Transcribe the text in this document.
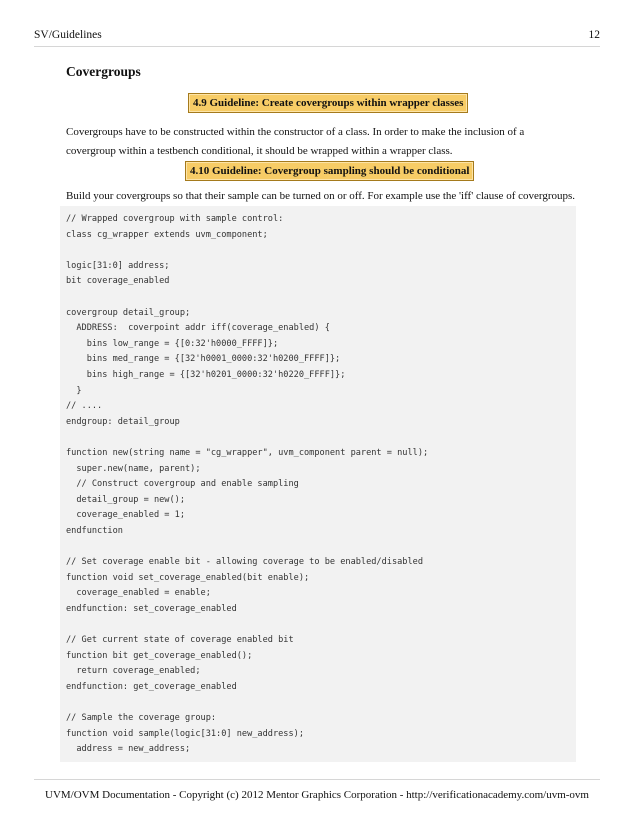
SV/Guidelines	12
Covergroups
4.9 Guideline: Create covergroups within wrapper classes
Covergroups have to be constructed within the constructor of a class. In order to make the inclusion of a covergroup within a testbench conditional, it should be wrapped within a wrapper class.
4.10 Guideline: Covergroup sampling should be conditional
Build your covergroups so that their sample can be turned on or off. For example use the 'iff' clause of covergroups.
// Wrapped covergroup with sample control:
class cg_wrapper extends uvm_component;
logic[31:0] address;
bit coverage_enabled
covergroup detail_group;
ADDRESS:  coverpoint addr iff(coverage_enabled) {
bins low_range = {[0:32'h0000_FFFF]};
bins med_range = {[32'h0001_0000:32'h0200_FFFF]};
bins high_range = {[32'h0201_0000:32'h0220_FFFF]};
}
// ....
endgroup: detail_group
function new(string name = "cg_wrapper", uvm_component parent = null);
super.new(name, parent);
// Construct covergroup and enable sampling
detail_group = new();
coverage_enabled = 1;
endfunction
// Set coverage enable bit - allowing coverage to be enabled/disabled
function void set_coverage_enabled(bit enable);
coverage_enabled = enable;
endfunction: set_coverage_enabled
// Get current state of coverage enabled bit
function bit get_coverage_enabled();
return coverage_enabled;
endfunction: get_coverage_enabled
// Sample the coverage group:
function void sample(logic[31:0] new_address);
address = new_address;
UVM/OVM Documentation - Copyright (c) 2012 Mentor Graphics Corporation - http://verificationacademy.com/uvm-ovm
